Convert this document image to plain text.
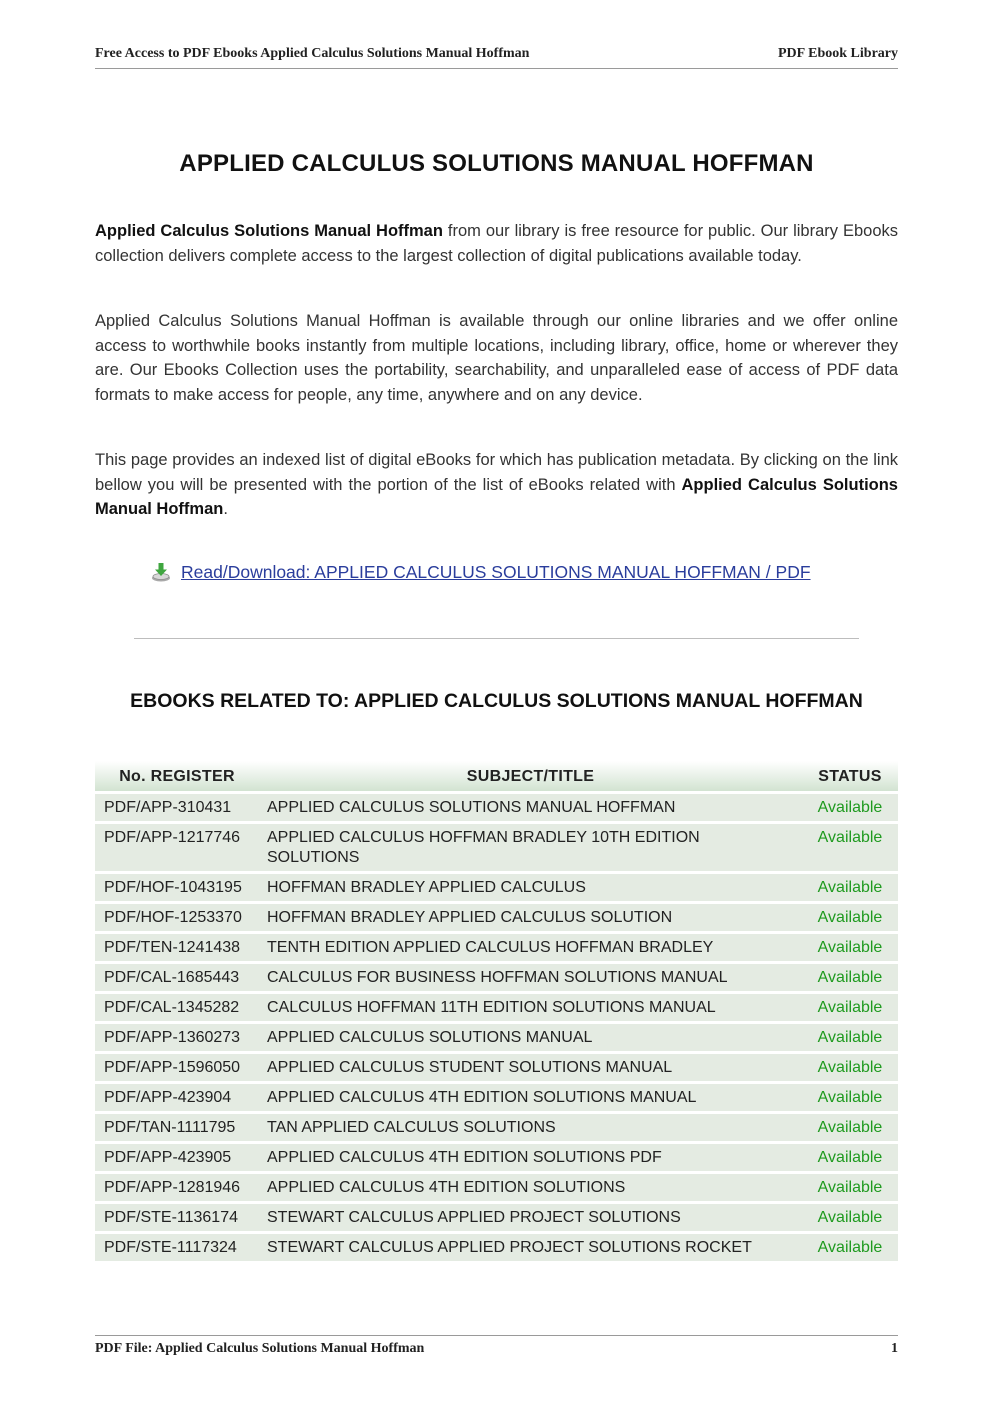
Free Access to PDF Ebooks Applied Calculus Solutions Manual Hoffman	PDF Ebook Library
APPLIED CALCULUS SOLUTIONS MANUAL HOFFMAN

Applied Calculus Solutions Manual Hoffman from our library is free resource for public. Our library Ebooks collection delivers complete access to the largest collection of digital publications available today.

Applied Calculus Solutions Manual Hoffman is available through our online libraries and we offer online access to worthwhile books instantly from multiple locations, including library, office, home or wherever they are. Our Ebooks Collection uses the portability, searchability, and unparalleled ease of access of PDF data formats to make access for people, any time, anywhere and on any device.

This page provides an indexed list of digital eBooks for which has publication metadata. By clicking on the link bellow you will be presented with the portion of the list of eBooks related with Applied Calculus Solutions Manual Hoffman.

Read/Download: APPLIED CALCULUS SOLUTIONS MANUAL HOFFMAN / PDF
EBOOKS RELATED TO: APPLIED CALCULUS SOLUTIONS MANUAL HOFFMAN
No. REGISTER	SUBJECT/TITLE	STATUS
PDF/APP-310431	APPLIED CALCULUS SOLUTIONS MANUAL HOFFMAN	Available
PDF/APP-1217746	APPLIED CALCULUS HOFFMAN BRADLEY 10TH EDITION SOLUTIONS	Available
PDF/HOF-1043195	HOFFMAN BRADLEY APPLIED CALCULUS	Available
PDF/HOF-1253370	HOFFMAN BRADLEY APPLIED CALCULUS SOLUTION	Available
PDF/TEN-1241438	TENTH EDITION APPLIED CALCULUS HOFFMAN BRADLEY	Available
PDF/CAL-1685443	CALCULUS FOR BUSINESS HOFFMAN SOLUTIONS MANUAL	Available
PDF/CAL-1345282	CALCULUS HOFFMAN 11TH EDITION SOLUTIONS MANUAL	Available
PDF/APP-1360273	APPLIED CALCULUS SOLUTIONS MANUAL	Available
PDF/APP-1596050	APPLIED CALCULUS STUDENT SOLUTIONS MANUAL	Available
PDF/APP-423904	APPLIED CALCULUS 4TH EDITION SOLUTIONS MANUAL	Available
PDF/TAN-1111795	TAN APPLIED CALCULUS SOLUTIONS	Available
PDF/APP-423905	APPLIED CALCULUS 4TH EDITION SOLUTIONS PDF	Available
PDF/APP-1281946	APPLIED CALCULUS 4TH EDITION SOLUTIONS	Available
PDF/STE-1136174	STEWART CALCULUS APPLIED PROJECT SOLUTIONS	Available
PDF/STE-1117324	STEWART CALCULUS APPLIED PROJECT SOLUTIONS ROCKET	Available
PDF File: Applied Calculus Solutions Manual Hoffman	1
